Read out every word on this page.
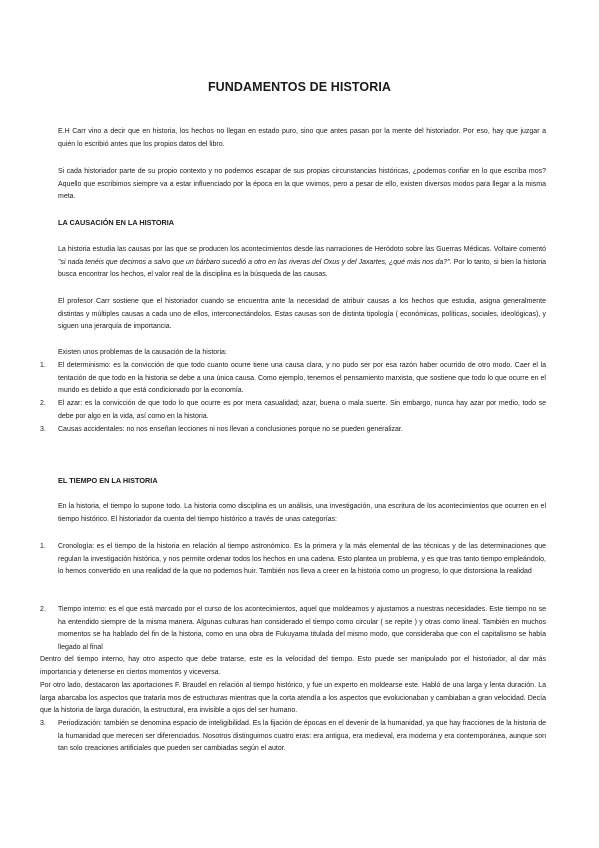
FUNDAMENTOS DE HISTORIA

E.H Carr vino a decir que en historia, los hechos no llegan en estado puro, sino que antes pasan por la mente del historiador. Por eso, hay que juzgar a quién lo escribió antes que los propios datos del libro.

Si cada historiador parte de su propio contexto y no podemos escapar de sus propias circunstancias históricas, ¿podemos confiar en lo que escriba mos? Aquello que escribimos siempre va a estar influenciado por la época en la que vivimos, pero a pesar de ello, existen diversos modos para llegar a la misma meta.

LA CAUSACIÓN EN LA HISTORIA

La historia estudia las causas por las que se producen los acontecimientos desde las narraciones de Heródoto sobre las Guerras Médicas. Voltaire comentó "si nada tenéis que decirnos a salvo que un bárbaro sucedió a otro en las riveras del Oxus y del Jaxartes, ¿qué más nos da?". Por lo tanto, si bien la historia busca encontrar los hechos, el valor real de la disciplina es la búsqueda de las causas.

El profesor Carr sostiene que el historiador cuando se encuentra ante la necesidad de atribuir causas a los hechos que estudia, asigna generalmente distintas y múltiples causas a cada uno de ellos, interconectándolos. Estas causas son de distinta tipología ( económicas, políticas, sociales, ideológicas), y siguen una jerarquía de importancia.

Existen unos problemas de la causación de la historia:

1. El determinismo: es la convicción de que todo cuanto ocurre tiene una causa clara, y no pudo ser por esa razón haber ocurrido de otro modo. Caer el la tentación de que todo en la historia se debe a una única causa. Como ejemplo, tenemos el pensamiento marxista, que sostiene que todo lo que ocurre en el mundo es debido a que está condicionado por la economía.

2. El azar: es la convicción de que todo lo que ocurre es por mera casualidad; azar, buena o mala suerte. Sin embargo, nunca hay azar por medio, todo se debe por algo en la vida, así como en la historia.

3. Causas accidentales: no nos enseñan lecciones ni nos llevan a conclusiones porque no se pueden generalizar.

EL TIEMPO EN LA HISTORIA

En la historia, el tiempo lo supone todo. La historia como disciplina es un análisis, una investigación, una escritura de los acontecimientos que ocurren en el tiempo histórico. El historiador da cuenta del tiempo histórico a través de unas categorías:

1. Cronología: es el tiempo de la historia en relación al tiempo astronómico. Es la primera y la más elemental de las técnicas y de las determinaciones que regulan la investigación histórica, y nos permite ordenar todos los hechos en una cadena. Esto plantea un problema, y es que tras tanto tiempo empleándolo, lo hemos convertido en una realidad de la que no podemos huir. También nos lleva a creer en la historia como un progreso, lo que distorsiona la realidad

2. Tiempo interno: es el que está marcado por el curso de los acontecimientos, aquel que moldeamos y ajustamos a nuestras necesidades. Este tiempo no se ha entendido siempre de la misma manera. Algunas culturas han considerado el tiempo como circular ( se repite ) y otras como lineal. También en muchos momentos se ha hablado del fin de la historia, como en una obra de Fukuyama titulada del mismo modo, que consideraba que con el capitalismo se había llegado al final

Dentro del tiempo interno, hay otro aspecto que debe tratarse, este es la velocidad del tiempo. Esto puede ser manipulado por el historiador, al dar más importancia y detenerse en ciertos momentos y viceversa.

Por otro lado, destacaron las aportaciones F. Braudel en relación al tiempo histórico, y fue un experto en moldearse este. Habló de una larga y lenta duración. La larga abarcaba los aspectos que trataría mos de estructuras mientras que la corta atendía a los aspectos que evolucionaban y cambiaban a gran velocidad. Decía que la historia de larga duración, la estructural, era invisible a ojos del ser humano.

3. Periodización: también se denomina espacio de inteligibilidad. Es la fijación de épocas en el devenir de la humanidad, ya que hay fracciones de la historia de la humanidad que merecen ser diferenciados. Nosotros distinguimos cuatro eras: era antigua, era medieval, era moderna y era contemporánea, aunque son tan solo creaciones artificiales que pueden ser cambiadas según el autor.
